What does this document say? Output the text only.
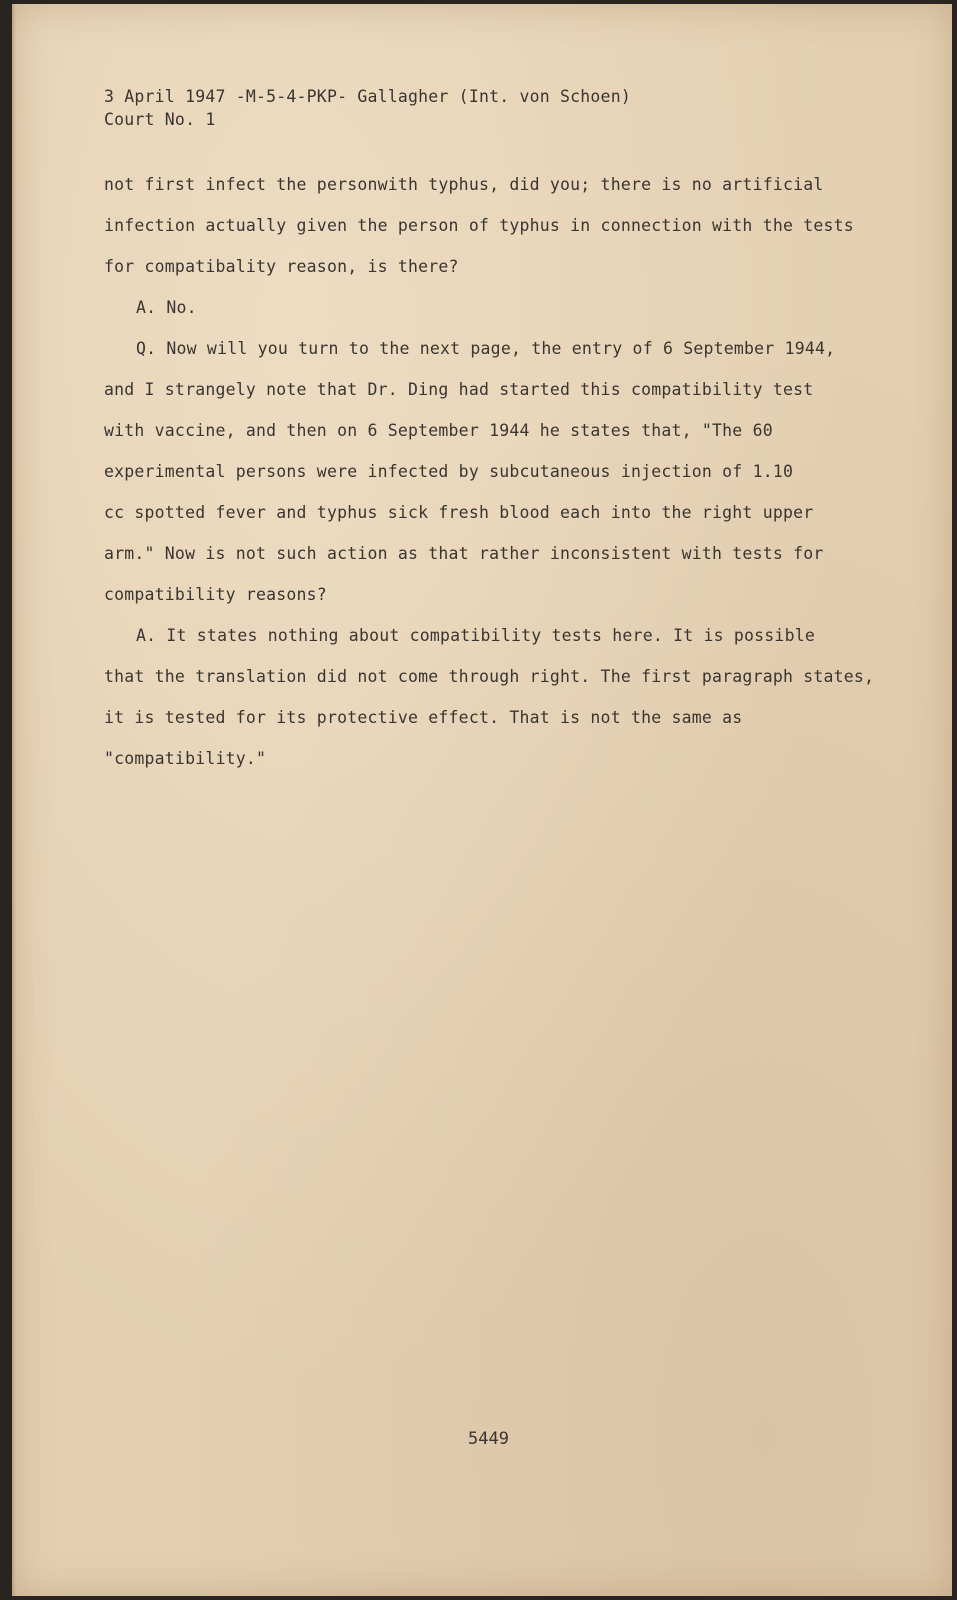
3 April 1947 -M-5-4-PKP- Gallagher (Int. von Schoen)
Court No. 1
not first infect the personwith typhus, did you; there is no artificial
infection actually given the person of typhus in connection with the tests
for compatibality reason, is there?
A. No.
Q. Now will you turn to the next page, the entry of 6 September 1944,
and I strangely note that Dr. Ding had started this compatibility test
with vaccine, and then on 6 September 1944 he states that, "The 60
experimental persons were infected by subcutaneous injection of 1.10
cc spotted fever and typhus sick fresh blood each into the right upper
arm." Now is not such action as that rather inconsistent with tests for
compatibility reasons?
A. It states nothing about compatibility tests here. It is possible
that the translation did not come through right. The first paragraph states,
it is tested for its protective effect. That is not the same as
"compatibility."
5449
